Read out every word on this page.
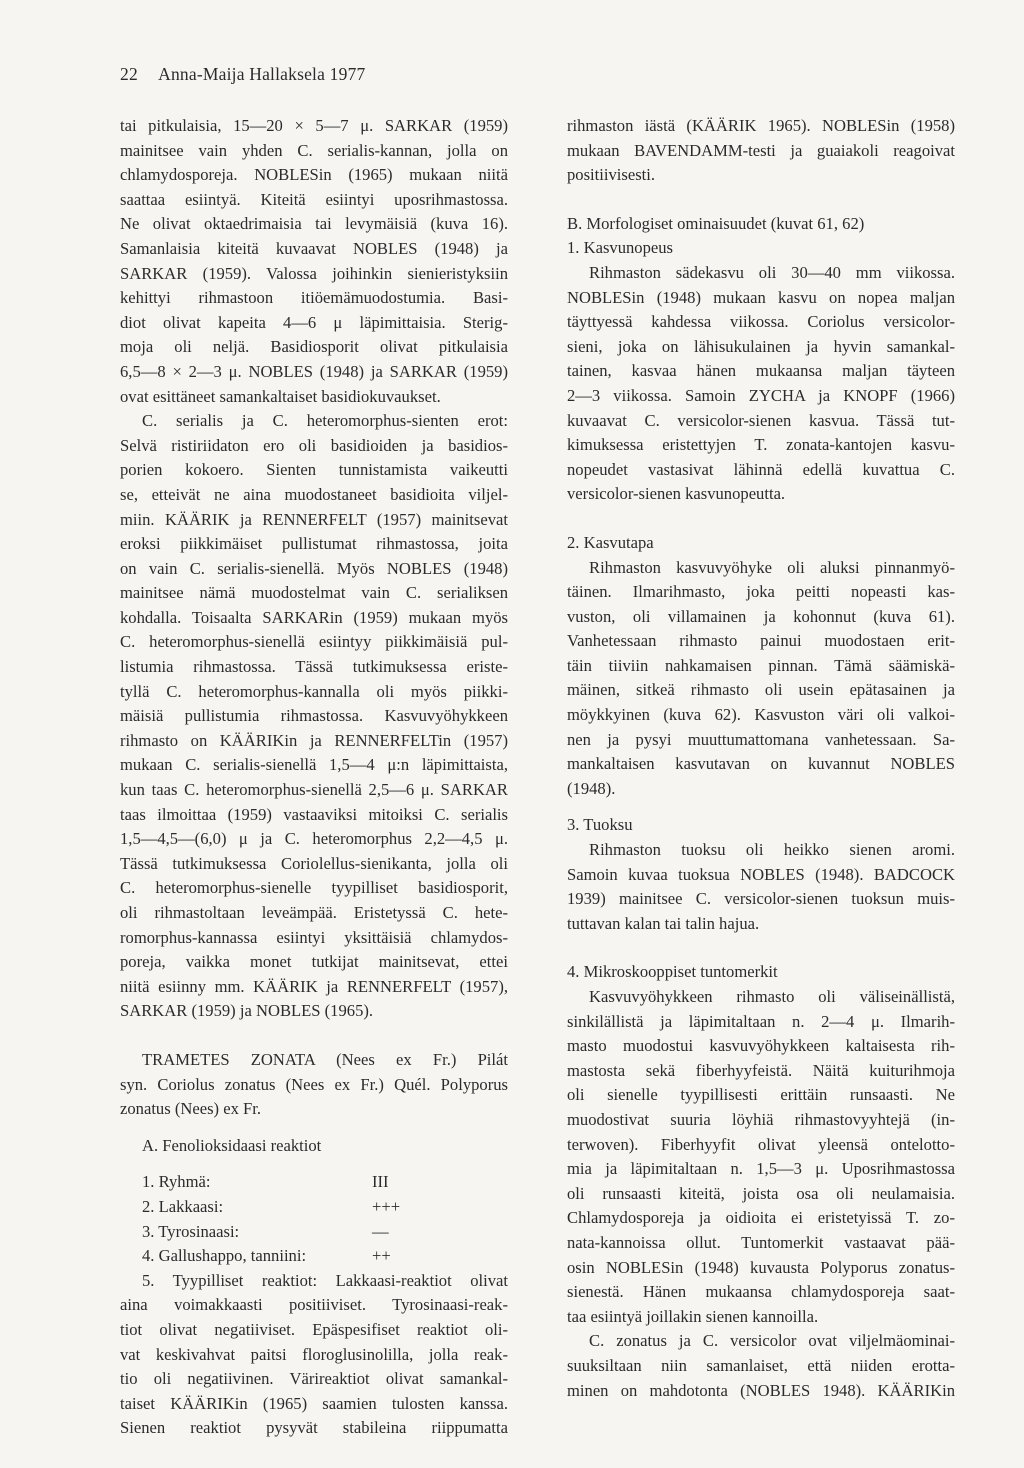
22 Anna-Maija Hallaksela 1977
tai pitkulaisia, 15—20 × 5—7 μ. SARKAR (1959)
mainitsee vain yhden C. serialis-kannan, jolla on
chlamydosporeja. NOBLESin (1965) mukaan niitä
saattaa esiintyä. Kiteitä esiintyi uposrihmastossa.
Ne olivat oktaedrimaisia tai levymäisiä (kuva 16).
Samanlaisia kiteitä kuvaavat NOBLES (1948) ja
SARKAR (1959). Valossa joihinkin sienieristyksiin
kehittyi rihmastoon itiöemämuodostumia. Basi-
diot olivat kapeita 4—6 μ läpimittaisia. Sterig-
moja oli neljä. Basidiosporit olivat pitkulaisia
6,5—8 × 2—3 μ. NOBLES (1948) ja SARKAR (1959)
ovat esittäneet samankaltaiset basidiokuvaukset.
C. serialis ja C. heteromorphus-sienten erot:
Selvä ristiriidaton ero oli basidioiden ja basidios-
porien kokoero. Sienten tunnistamista vaikeutti
se, etteivät ne aina muodostaneet basidioita viljel-
miin. KÄÄRIK ja RENNERFELT (1957) mainitsevat
eroksi piikkimäiset pullistumat rihmastossa, joita
on vain C. serialis-sienellä. Myös NOBLES (1948)
mainitsee nämä muodostelmat vain C. serialiksen
kohdalla. Toisaalta SARKARin (1959) mukaan myös
C. heteromorphus-sienellä esiintyy piikkimäisiä pul-
listumia rihmastossa. Tässä tutkimuksessa eriste-
tyllä C. heteromorphus-kannalla oli myös piikki-
mäisiä pullistumia rihmastossa. Kasvuvyöhykkeen
rihmasto on KÄÄRIKin ja RENNERFELTin (1957)
mukaan C. serialis-sienellä 1,5—4 μ:n läpimittaista,
kun taas C. heteromorphus-sienellä 2,5—6 μ. SARKAR
taas ilmoittaa (1959) vastaaviksi mitoiksi C. serialis
1,5—4,5—(6,0) μ ja C. heteromorphus 2,2—4,5 μ.
Tässä tutkimuksessa Coriolellus-sienikanta, jolla oli
C. heteromorphus-sienelle tyypilliset basidiosporit,
oli rihmastoltaan leveämpää. Eristetyssä C. hete-
romorphus-kannassa esiintyi yksittäisiä chlamydos-
poreja, vaikka monet tutkijat mainitsevat, ettei
niitä esiinny mm. KÄÄRIK ja RENNERFELT (1957),
SARKAR (1959) ja NOBLES (1965).
TRAMETES ZONATA (Nees ex Fr.) Pilát
syn. Coriolus zonatus (Nees ex Fr.) Quél. Polyporus
zonatus (Nees) ex Fr.
A. Fenolioksidaasi reaktiot
1. Ryhmä:	III
2. Lakkaasi:	+++
3. Tyrosinaasi:	—
4. Gallushappo, tanniini:	++
5. Tyypilliset reaktiot: Lakkaasi-reaktiot olivat
aina voimakkaasti positiiviset. Tyrosinaasi-reak-
tiot olivat negatiiviset. Epäspesifiset reaktiot oli-
vat keskivahvat paitsi floroglusinolilla, jolla reak-
tio oli negatiivinen. Värireaktiot olivat samankal-
taiset KÄÄRIKin (1965) saamien tulosten kanssa.
Sienen reaktiot pysyvät stabileina riippumatta
rihmaston iästä (KÄÄRIK 1965). NOBLESin (1958)
mukaan BAVENDAMM-testi ja guaiakoli reagoivat
positiivisesti.
B. Morfologiset ominaisuudet (kuvat 61, 62)
1. Kasvunopeus
Rihmaston sädekasvu oli 30—40 mm viikossa.
NOBLESin (1948) mukaan kasvu on nopea maljan
täyttyessä kahdessa viikossa. Coriolus versicolor-
sieni, joka on lähisukulainen ja hyvin samankal-
tainen, kasvaa hänen mukaansa maljan täyteen
2—3 viikossa. Samoin ZYCHA ja KNOPF (1966)
kuvaavat C. versicolor-sienen kasvua. Tässä tut-
kimuksessa eristettyjen T. zonata-kantojen kasvu-
nopeudet vastasivat lähinnä edellä kuvattua C.
versicolor-sienen kasvunopeutta.
2. Kasvutapa
Rihmaston kasvuvyöhyke oli aluksi pinnanmyö-
täinen. Ilmarihmasto, joka peitti nopeasti kas-
vuston, oli villamainen ja kohonnut (kuva 61).
Vanhetessaan rihmasto painui muodostaen erit-
täin tiiviin nahkamaisen pinnan. Tämä säämiskä-
mäinen, sitkeä rihmasto oli usein epätasainen ja
möykkyinen (kuva 62). Kasvuston väri oli valkoi-
nen ja pysyi muuttumattomana vanhetessaan. Sa-
mankaltaisen kasvutavan on kuvannut NOBLES
(1948).
3. Tuoksu
Rihmaston tuoksu oli heikko sienen aromi.
Samoin kuvaa tuoksua NOBLES (1948). BADCOCK
1939) mainitsee C. versicolor-sienen tuoksun muis-
tuttavan kalan tai talin hajua.
4. Mikroskooppiset tuntomerkit
Kasvuvyöhykkeen rihmasto oli väliseinällistä,
sinkilällistä ja läpimitaltaan n. 2—4 μ. Ilmarih-
masto muodostui kasvuvyöhykkeen kaltaisesta rih-
mastosta sekä fiberhyyfeistä. Näitä kuiturihmoja
oli sienelle tyypillisesti erittäin runsaasti. Ne
muodostivat suuria löyhiä rihmastovyyhtejä (in-
terwoven). Fiberhyyfit olivat yleensä ontelotto-
mia ja läpimitaltaan n. 1,5—3 μ. Uposrihmastossa
oli runsaasti kiteitä, joista osa oli neulamaisia.
Chlamydosporeja ja oidioita ei eristetyissä T. zo-
nata-kannoissa ollut. Tuntomerkit vastaavat pää-
osin NOBLESin (1948) kuvausta Polyporus zonatus-
sienestä. Hänen mukaansa chlamydosporeja saat-
taa esiintyä joillakin sienen kannoilla.
C. zonatus ja C. versicolor ovat viljelmäominai-
suuksiltaan niin samanlaiset, että niiden erotta-
minen on mahdotonta (NOBLES 1948). KÄÄRIKin
